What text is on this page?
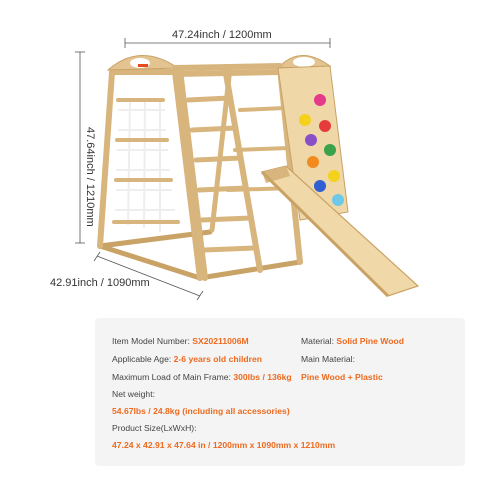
47.24inch / 1200mm
42.91inch / 1090mm
47.64inch / 1210mm
Item Model Number: SX20211006M
Applicable Age: 2-6 years old children
Maximum Load of Main Frame: 300lbs / 136kg
Net weight:
54.67lbs / 24.8kg (including all accessories)
Product Size(LxWxH):
47.24 x 42.91 x 47.64 in / 1200mm x 1090mm x 1210mm
Material: Solid Pine Wood
Main Material:
Pine Wood + Plastic
